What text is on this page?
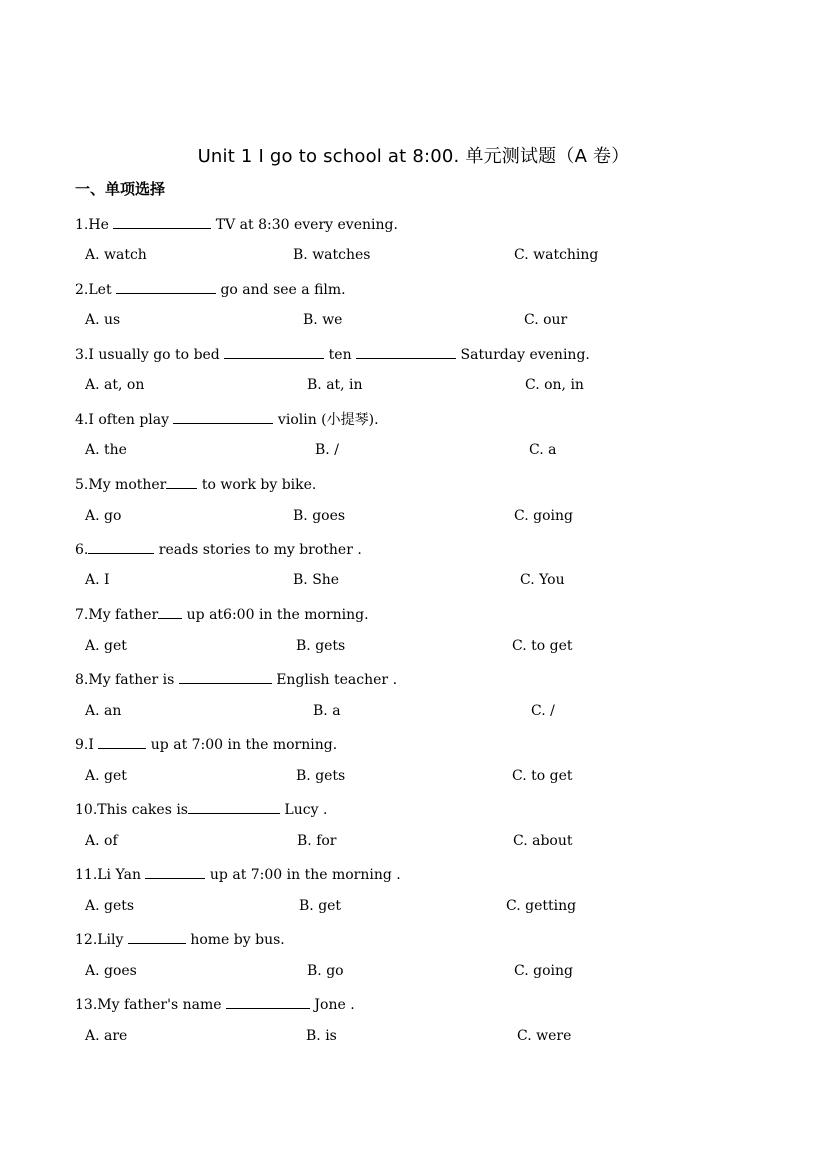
Unit 1 I go to school at 8:00. 单元测试题（A 卷）
一、单项选择
1.He	TV at 8:30 every evening.
A. watch	B. watches	C. watching
2.Let	go and see a film.
A. us	B. we	C. our
3.I usually go to bed	ten	Saturday evening.
A. at, on	B. at, in	C. on, in
4.I often play	violin (小提琴).
A. the	B. /	C. a
5.My mother to work by bike.
A. go	B. goes	C. going
6.	reads stories to my brother .
A. I	B. She	C. You
7.My father up at6:00 in the morning.
A. get	B. gets	C. to get
8.My father is	English teacher .
A. an	B. a	C. /
9.I	up at 7:00 in the morning.
A. get	B. gets	C. to get
10.This cakes is	Lucy .
A. of	B. for	C. about
11.Li Yan	up at 7:00 in the morning .
A. gets	B. get	C. getting
12.Lily	home by bus.
A. goes	B. go	C. going
13.My father's name	Jone .
A. are	B. is	C. were
